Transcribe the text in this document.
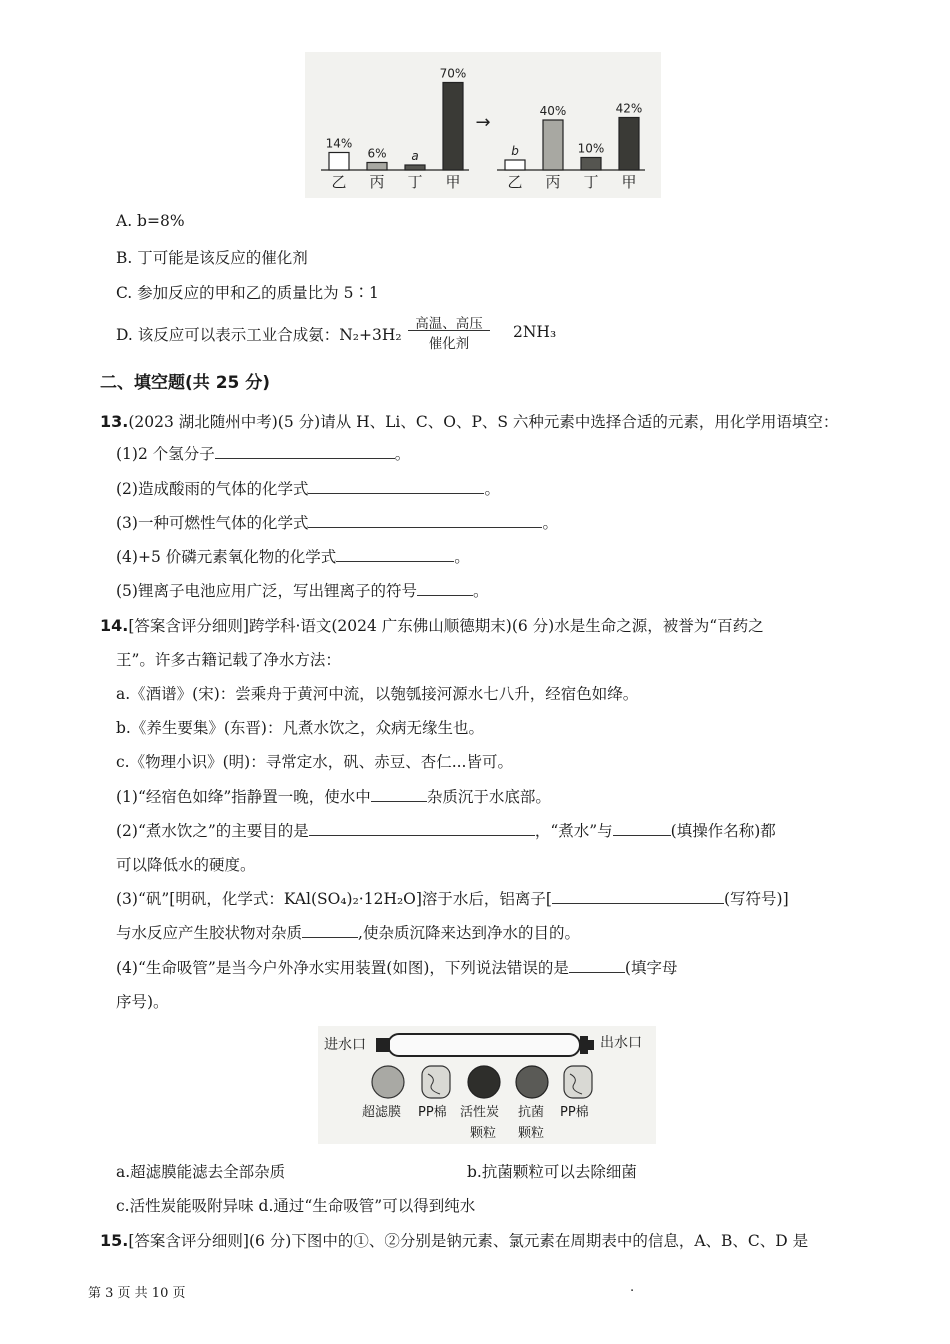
14%
乙
6%
丙
a
丁
70%
甲
b
乙
40%
丙
10%
丁
42%
甲
→
A. b=8%
B. 丁可能是该反应的催化剂
C. 参加反应的甲和乙的质量比为 5∶1
D. 该反应可以表示工业合成氨：N₂+3H₂
高温、高压
催化剂
2NH₃
二、填空题(共 25 分)
13.(2023 湖北随州中考)(5 分)请从 H、Li、C、O、P、S 六种元素中选择合适的元素，用化学用语填空：
(1)2 个氢分子	。
(2)造成酸雨的气体的化学式	。
(3)一种可燃性气体的化学式	。
(4)+5 价磷元素氧化物的化学式	。
(5)锂离子电池应用广泛，写出锂离子的符号	。
14.[答案含评分细则]跨学科·语文(2024 广东佛山顺德期末)(6 分)水是生命之源，被誉为“百药之
王”。许多古籍记载了净水方法：
a.《酒谱》(宋)：尝乘舟于黄河中流，以匏瓠接河源水七八升，经宿色如绛。
b.《养生要集》(东晋)：凡煮水饮之，众病无缘生也。
c.《物理小识》(明)：寻常定水，矾、赤豆、杏仁...皆可。
(1)“经宿色如绛”指静置一晚，使水中	杂质沉于水底部。
(2)“煮水饮之”的主要目的是	，“煮水”与	(填操作名称)都
可以降低水的硬度。
(3)“矾”[明矾，化学式：KAl(SO₄)₂·12H₂O]溶于水后，铝离子[	(写符号)]
与水反应产生胶状物对杂质	,使杂质沉降来达到净水的目的。
(4)“生命吸管”是当今户外净水实用装置(如图)，下列说法错误的是	(填字母
序号)。
进水口	出水口
超滤膜 PP棉 活性炭
颗粒
抗菌
颗粒
PP棉
a.超滤膜能滤去全部杂质	b.抗菌颗粒可以去除细菌
c.活性炭能吸附异味 d.通过“生命吸管”可以得到纯水
15.[答案含评分细则](6 分)下图中的①、②分别是钠元素、氯元素在周期表中的信息，A、B、C、D 是
第 3 页 共 10 页	.
